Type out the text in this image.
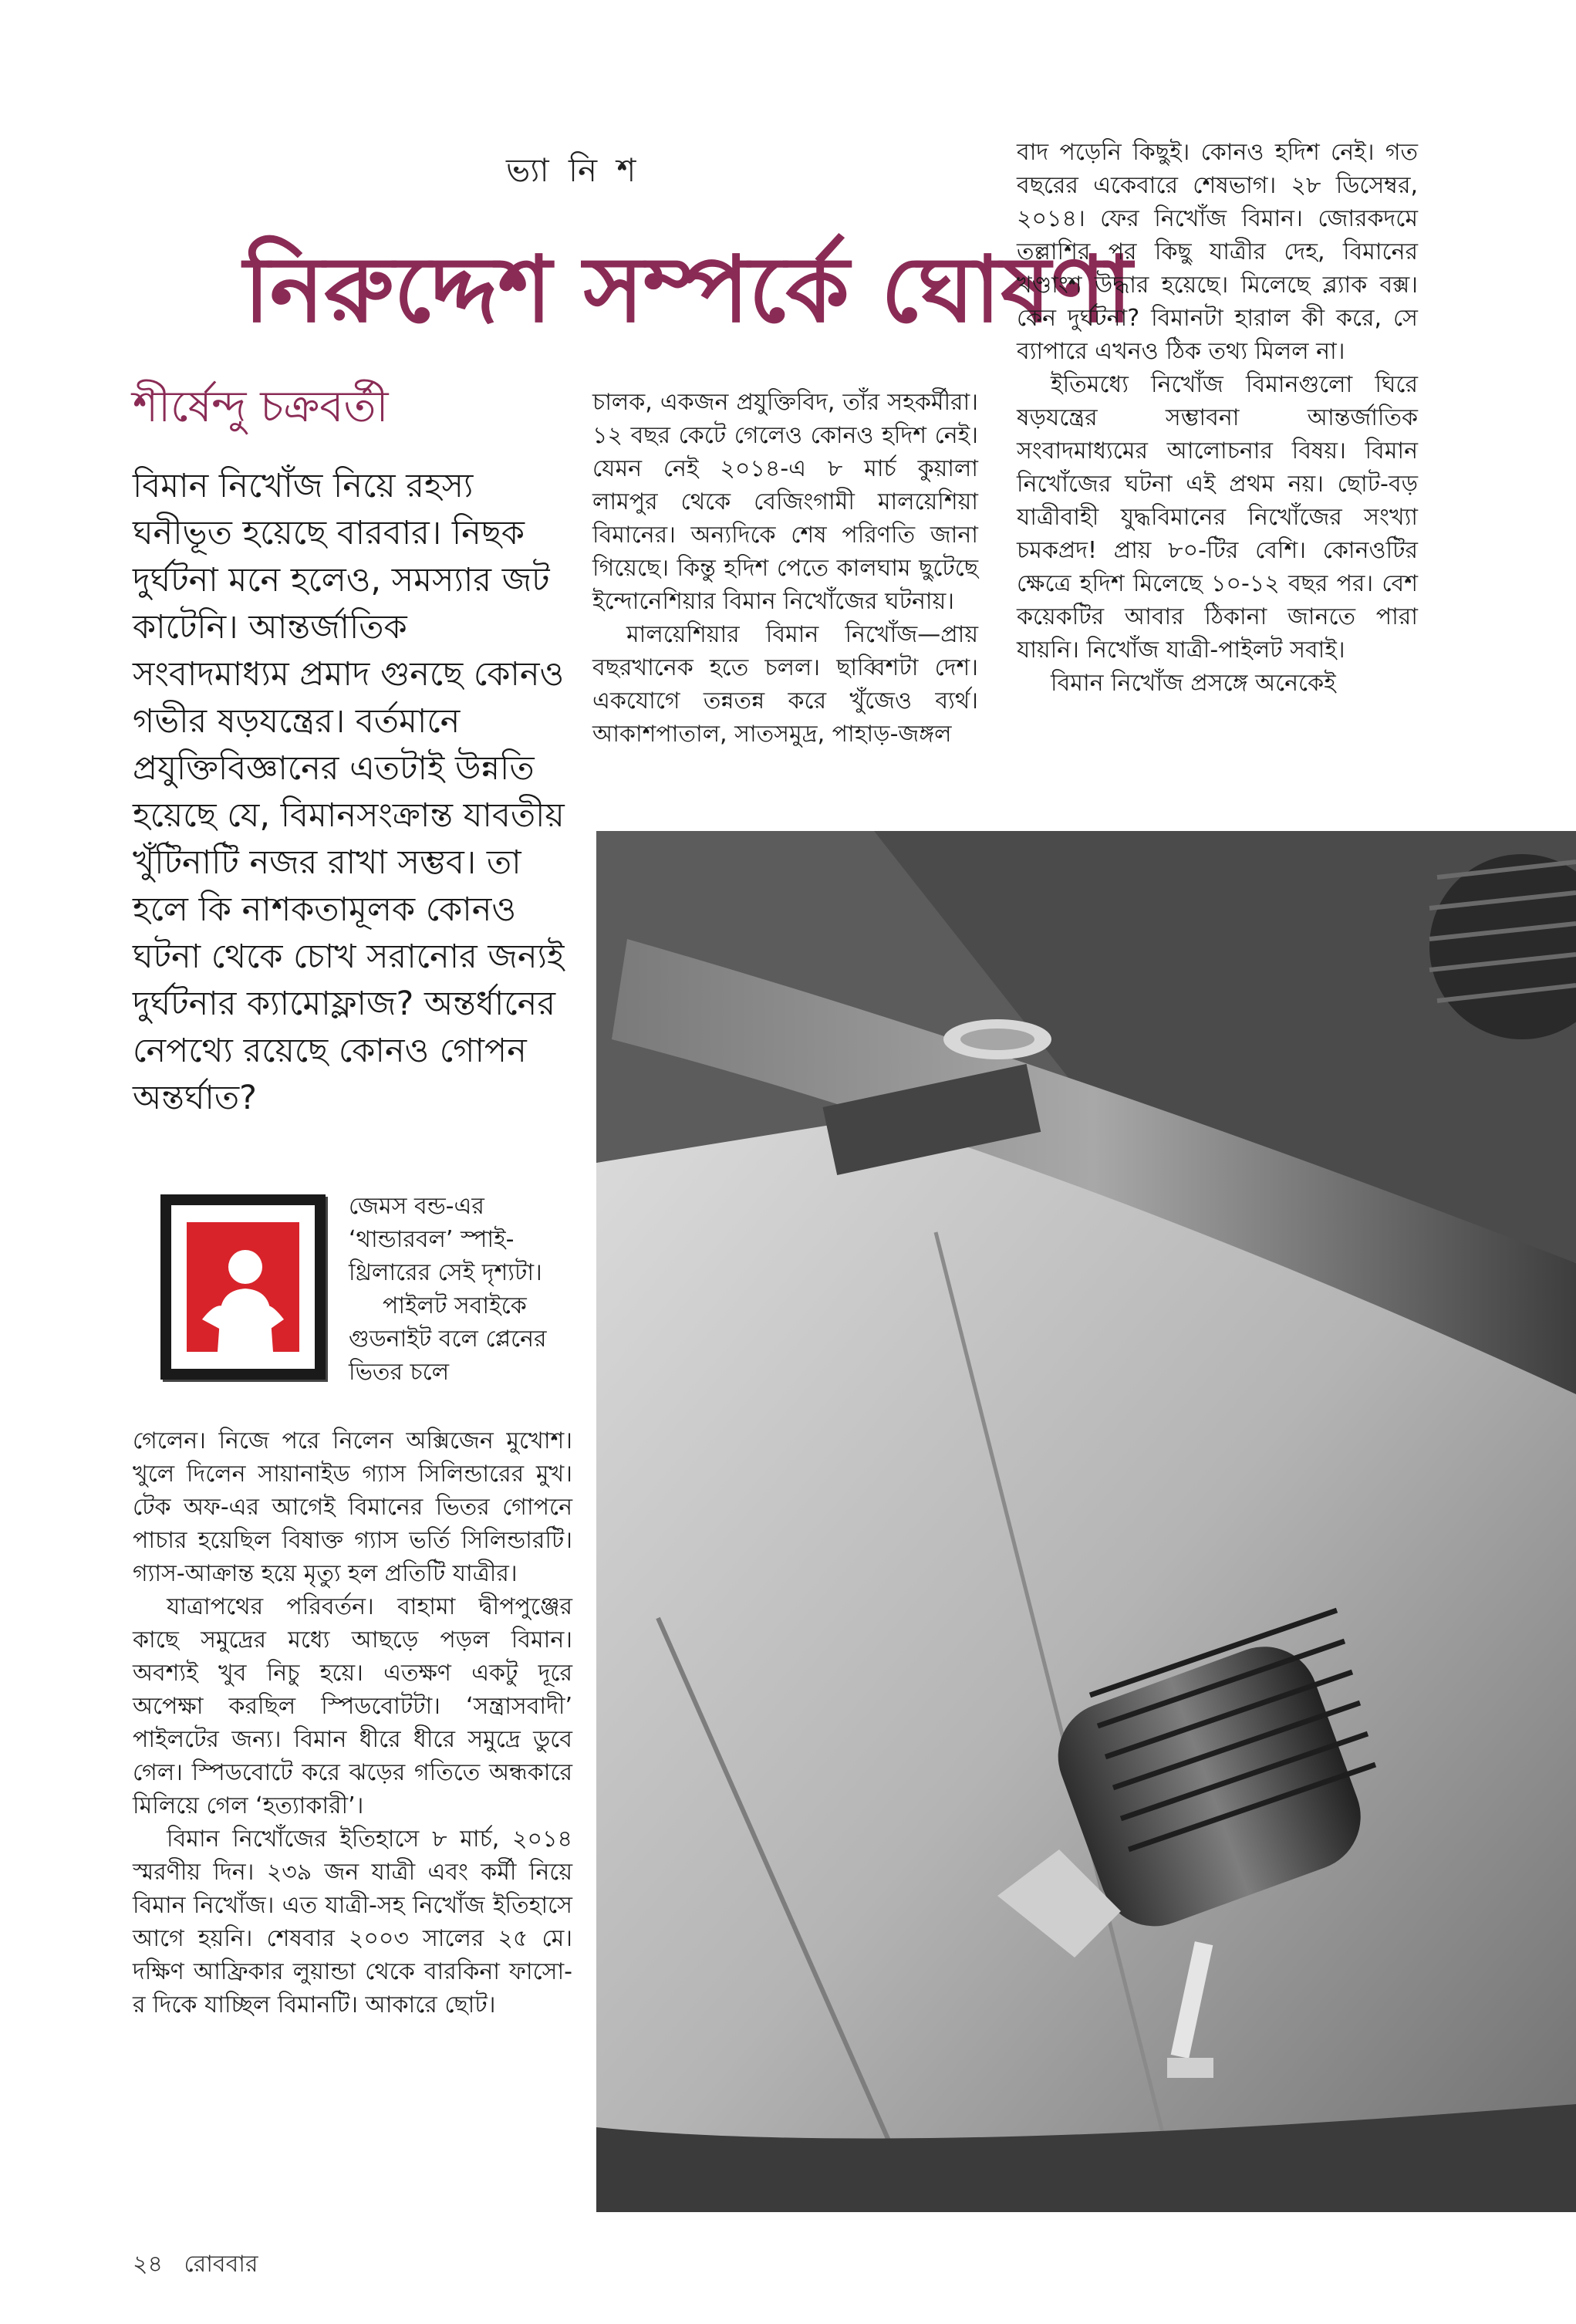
ভ্যা নি শ
নিরুদ্দেশ সম্পর্কে ঘোষণা
শীর্ষেন্দু চক্রবর্তী

বিমান নিখোঁজ নিয়ে রহস্য ঘনীভূত হয়েছে বারবার। নিছক দুর্ঘটনা মনে হলেও, সমস্যার জট কাটেনি। আন্তর্জাতিক সংবাদমাধ্যম প্রমাদ গুনছে কোনও গভীর ষড়যন্ত্রের। বর্তমানে প্রযুক্তিবিজ্ঞানের এতটাই উন্নতি হয়েছে যে, বিমানসংক্রান্ত যাবতীয় খুঁটিনাটি নজর রাখা সম্ভব। তা হলে কি নাশকতামূলক কোনও ঘটনা থেকে চোখ সরানোর জন্যই দুর্ঘটনার ক্যামোফ্লাজ? অন্তর্ধানের নেপথ্যে রয়েছে কোনও গোপন অন্তর্ঘাত?

জেমস বন্ড-এর ‘থান্ডারবল’ স্পাই-থ্রিলারের সেই দৃশ্যটা।

পাইলট সবাইকে গুডনাইট বলে প্লেনের ভিতর চলে

গেলেন। নিজে পরে নিলেন অক্সিজেন মুখোশ। খুলে দিলেন সায়ানাইড গ্যাস সিলিন্ডারের মুখ। টেক অফ-এর আগেই বিমানের ভিতর গোপনে পাচার হয়েছিল বিষাক্ত গ্যাস ভর্তি সিলিন্ডারটি। গ্যাস-আক্রান্ত হয়ে মৃত্যু হল প্রতিটি যাত্রীর।

যাত্রাপথের পরিবর্তন। বাহামা দ্বীপপুঞ্জের কাছে সমুদ্রের মধ্যে আছড়ে পড়ল বিমান। অবশ্যই খুব নিচু হয়ে। এতক্ষণ একটু দূরে অপেক্ষা করছিল স্পিডবোটটা। ‘সন্ত্রাসবাদী’ পাইলটের জন্য। বিমান ধীরে ধীরে সমুদ্রে ডুবে গেল। স্পিডবোটে করে ঝড়ের গতিতে অন্ধকারে মিলিয়ে গেল ‘হত্যাকারী’।

বিমান নিখোঁজের ইতিহাসে ৮ মার্চ, ২০১৪ স্মরণীয় দিন। ২৩৯ জন যাত্রী এবং কর্মী নিয়ে বিমান নিখোঁজ। এত যাত্রী-সহ নিখোঁজ ইতিহাসে আগে হয়নি। শেষবার ২০০৩ সালের ২৫ মে। দক্ষিণ আফ্রিকার লুয়ান্ডা থেকে বারকিনা ফাসো-র দিকে যাচ্ছিল বিমানটি। আকারে ছোট।

চালক, একজন প্রযুক্তিবিদ, তাঁর সহকর্মীরা। ১২ বছর কেটে গেলেও কোনও হদিশ নেই। যেমন নেই ২০১৪-এ ৮ মার্চ কুয়ালা লামপুর থেকে বেজিংগামী মালয়েশিয়া বিমানের। অন্যদিকে শেষ পরিণতি জানা গিয়েছে। কিন্তু হদিশ পেতে কালঘাম ছুটেছে ইন্দোনেশিয়ার বিমান নিখোঁজের ঘটনায়।

মালয়েশিয়ার বিমান নিখোঁজ—প্রায় বছরখানেক হতে চলল। ছাব্বিশটা দেশ। একযোগে তন্নতন্ন করে খুঁজেও ব্যর্থ। আকাশপাতাল, সাতসমুদ্র, পাহাড়-জঙ্গল

বাদ পড়েনি কিছুই। কোনও হদিশ নেই। গত বছরের একেবারে শেষভাগ। ২৮ ডিসেম্বর, ২০১৪। ফের নিখোঁজ বিমান। জোরকদমে তল্লাশির পর কিছু যাত্রীর দেহ, বিমানের খণ্ডাংশ উদ্ধার হয়েছে। মিলেছে ব্ল্যাক বক্স। কেন দুর্ঘটনা? বিমানটা হারাল কী করে, সে ব্যাপারে এখনও ঠিক তথ্য মিলল না।

ইতিমধ্যে নিখোঁজ বিমানগুলো ঘিরে ষড়যন্ত্রের সম্ভাবনা আন্তর্জাতিক সংবাদমাধ্যমের আলোচনার বিষয়। বিমান নিখোঁজের ঘটনা এই প্রথম নয়। ছোট-বড় যাত্রীবাহী যুদ্ধবিমানের নিখোঁজের সংখ্যা চমকপ্রদ! প্রায় ৮০-টির বেশি। কোনওটির ক্ষেত্রে হদিশ মিলেছে ১০-১২ বছর পর। বেশ কয়েকটির আবার ঠিকানা জানতে পারা যায়নি। নিখোঁজ যাত্রী-পাইলট সবাই।

বিমান নিখোঁজ প্রসঙ্গে অনেকেই

২৪ রোববার
